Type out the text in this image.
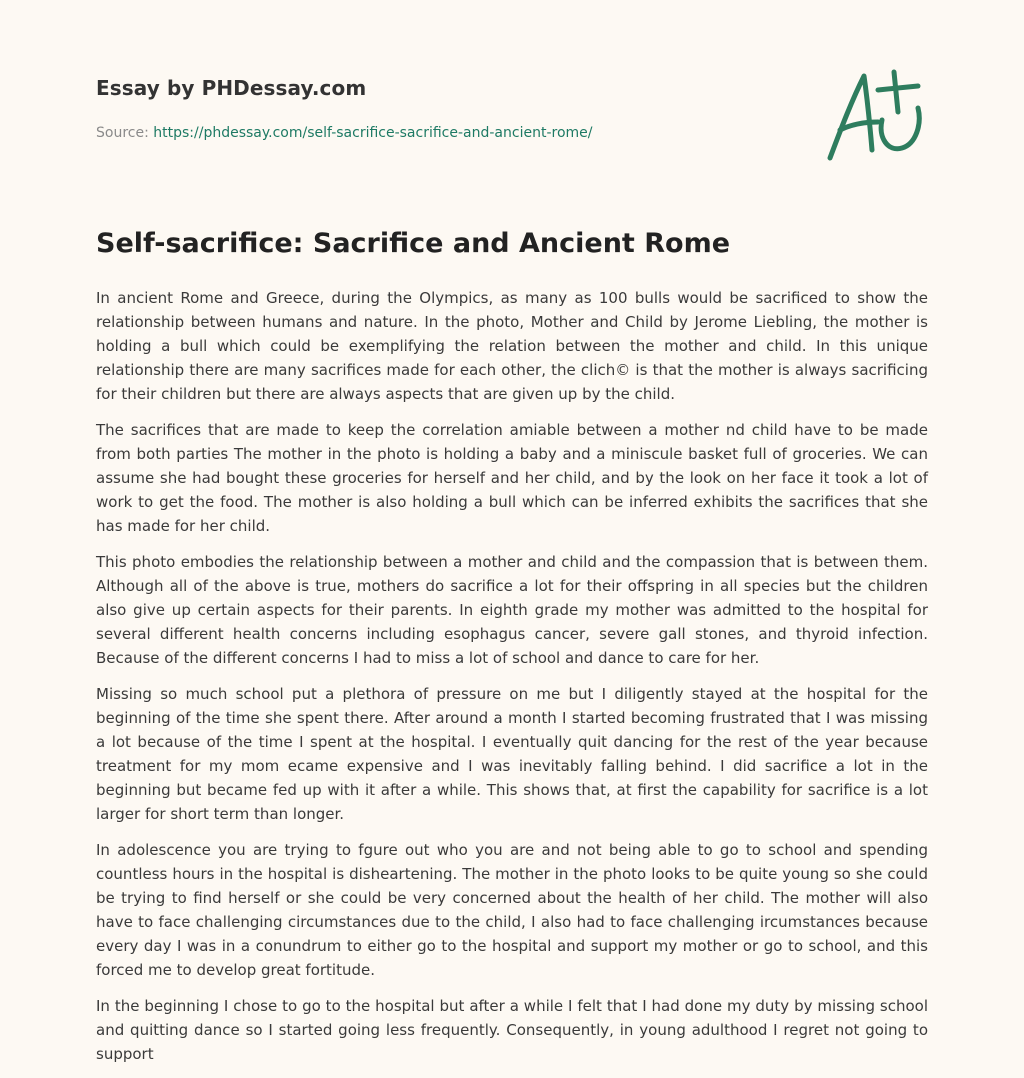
Essay by PHDessay.com

Source: https://phdessay.com/self-sacrifice-sacrifice-and-ancient-rome/

Self-sacrifice: Sacrifice and Ancient Rome

In ancient Rome and Greece, during the Olympics, as many as 100 bulls would be sacrificed to show the relationship between humans and nature. In the photo, Mother and Child by Jerome Liebling, the mother is holding a bull which could be exemplifying the relation between the mother and child. In this unique relationship there are many sacrifices made for each other, the clich© is that the mother is always sacrificing for their children but there are always aspects that are given up by the child.

The sacrifices that are made to keep the correlation amiable between a mother nd child have to be made from both parties The mother in the photo is holding a baby and a miniscule basket full of groceries. We can assume she had bought these groceries for herself and her child, and by the look on her face it took a lot of work to get the food. The mother is also holding a bull which can be inferred exhibits the sacrifices that she has made for her child.

This photo embodies the relationship between a mother and child and the compassion that is between them. Although all of the above is true, mothers do sacrifice a lot for their offspring in all species but the children also give up certain aspects for their parents. In eighth grade my mother was admitted to the hospital for several different health concerns including esophagus cancer, severe gall stones, and thyroid infection. Because of the different concerns I had to miss a lot of school and dance to care for her.

Missing so much school put a plethora of pressure on me but I diligently stayed at the hospital for the beginning of the time she spent there. After around a month I started becoming frustrated that I was missing a lot because of the time I spent at the hospital. I eventually quit dancing for the rest of the year because treatment for my mom ecame expensive and I was inevitably falling behind. I did sacrifice a lot in the beginning but became fed up with it after a while. This shows that, at first the capability for sacrifice is a lot larger for short term than longer.

In adolescence you are trying to fgure out who you are and not being able to go to school and spending countless hours in the hospital is disheartening. The mother in the photo looks to be quite young so she could be trying to find herself or she could be very concerned about the health of her child. The mother will also have to face challenging circumstances due to the child, I also had to face challenging ircumstances because every day I was in a conundrum to either go to the hospital and support my mother or go to school, and this forced me to develop great fortitude.

In the beginning I chose to go to the hospital but after a while I felt that I had done my duty by missing school and quitting dance so I started going less frequently. Consequently, in young adulthood I regret not going to support
